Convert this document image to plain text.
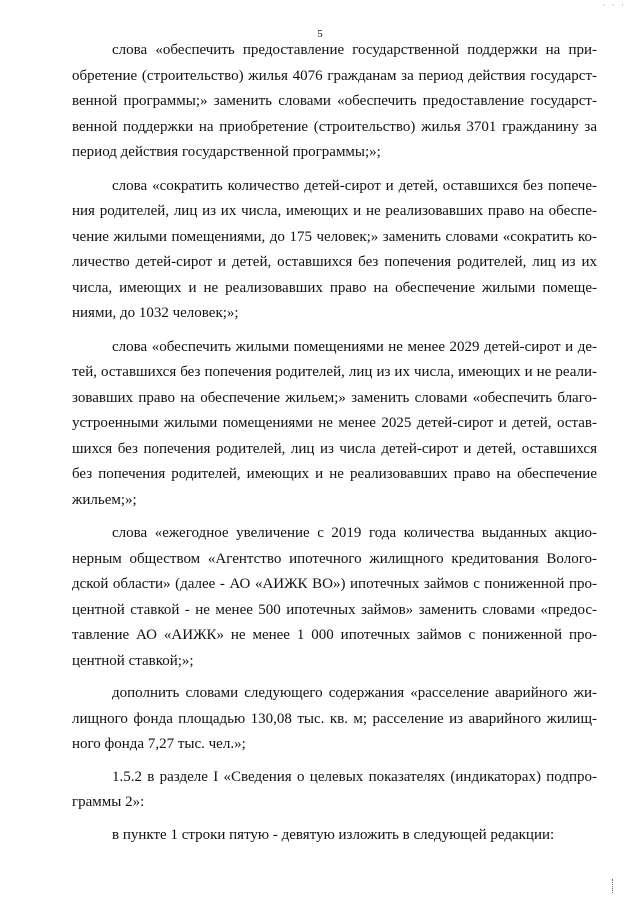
5
· · ·

слова «обеспечить предоставление государственной поддержки на приобретение (строительство) жилья 4076 гражданам за период действия государственной программы;» заменить словами «обеспечить предоставление государственной поддержки на приобретение (строительство) жилья 3701 гражданину за период действия государственной программы;»;

слова «сократить количество детей-сирот и детей, оставшихся без попечения родителей, лиц из их числа, имеющих и не реализовавших право на обеспечение жилыми помещениями, до 175 человек;» заменить словами «сократить количество детей-сирот и детей, оставшихся без попечения родителей, лиц из их числа, имеющих и не реализовавших право на обеспечение жилыми помещениями, до 1032 человек;»;

слова «обеспечить жилыми помещениями не менее 2029 детей-сирот и детей, оставшихся без попечения родителей, лиц из их числа, имеющих и не реализовавших право на обеспечение жильем;» заменить словами «обеспечить благоустроенными жилыми помещениями не менее 2025 детей-сирот и детей, оставшихся без попечения родителей, лиц из числа детей-сирот и детей, оставшихся без попечения родителей, имеющих и не реализовавших право на обеспечение жильем;»;

слова «ежегодное увеличение с 2019 года количества выданных акционерным обществом «Агентство ипотечного жилищного кредитования Вологодской области» (далее - АО «АИЖК ВО») ипотечных займов с пониженной процентной ставкой - не менее 500 ипотечных займов» заменить словами «предоставление АО «АИЖК» не менее 1 000 ипотечных займов с пониженной процентной ставкой;»;

дополнить словами следующего содержания «расселение аварийного жилищного фонда площадью 130,08 тыс. кв. м; расселение из аварийного жилищного фонда 7,27 тыс. чел.»;

1.5.2 в разделе I «Сведения о целевых показателях (индикаторах) подпрограммы 2»:

в пункте 1 строки пятую - девятую изложить в следующей редакции:
